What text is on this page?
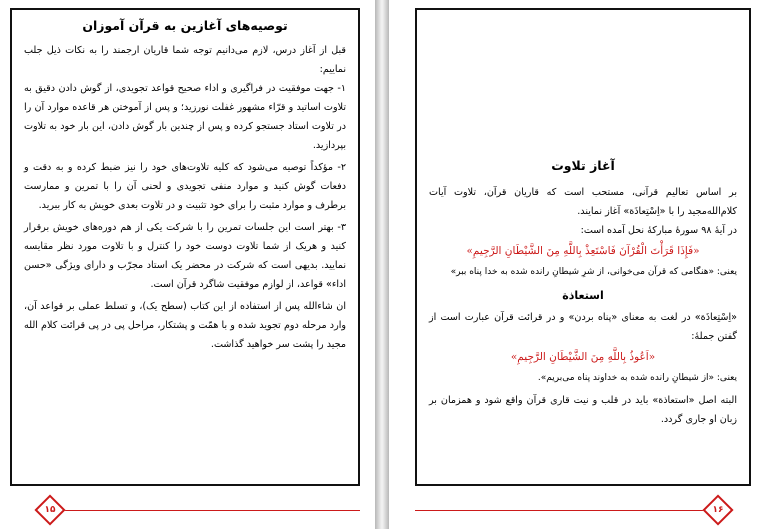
توصیه‌های آغازین به قرآن آموزان

قبل از آغاز درس، لازم می‌دانیم توجه شما قاریان ارجمند را به نکات ذیل جلب نماییم:

۱- جهت موفقیت در فراگیری و اداء صحیح قواعد تجویدی، از گوش دادن دقیق به تلاوت اساتید و قرّاء مشهور غفلت نورزید؛ و پس از آموختن هر قاعده موارد آن را در تلاوت استاد جستجو کرده و پس از چندین بار گوش دادن، این بار خود به تلاوت بپردازید.

۲- مؤکداً توصیه می‌شود که کلیه تلاوت‌های خود را نیز ضبط کرده و به دقت و دفعات گوش کنید و موارد منفی تجویدی و لحنی آن را با تمرین و ممارست برطرف و موارد مثبت را برای خود تثبیت و در تلاوت بعدی خویش به کار ببرید.

۳- بهتر است این جلسات تمرین را با شرکت یکی از هم دوره‌های خویش برقرار کنید و هریک از شما تلاوت دوست خود را کنترل و با تلاوت مورد نظر مقایسه نمایید. بدیهی است که شرکت در محضر یک استاد مجرّب و دارای ویژگی «حسن اداء» قواعد، از لوازم موفقیت شاگرد قرآن است.

ان شاءالله پس از استفاده از این کتاب (سطح یک)، و تسلط عملی بر قواعد آن، وارد مرحله دوم تجوید شده و با همّت و پشتکار، مراحل پی در پی قرائت کلام الله مجید را پشت سر خواهید گذاشت.

۱۵
آغاز تلاوت

بر اساس تعالیم قرآنی، مستحب است که قاریان قرآن، تلاوت آیات کلام‌الله‌مجید را با «اِسْتِعاذَة» آغاز نمایند.

در آیهٔ ۹۸ سورهٔ مبارکهٔ نحل آمده است:

«فَإِذَا قَرَأْتَ الْقُرْآنَ فَاسْتَعِذْ بِاللَّهِ مِنَ الشَّيْطَانِ الرَّجِيمِ»

یعنی: «هنگامی که قرآن می‌خوانی، از شرِ شیطانِ رانده شده به خدا پناه ببر»

استعاذة

«اِسْتِعاذَة» در لغت به معنای «پناه بردن» و در قرائت قرآن عبارت است از گفتن جملهٔ:

«اَعُوذُ بِاللَّهِ مِنَ الشَّيْطَانِ الرَّجِيمِ»

یعنی: «از شیطانِ رانده شده به خداوند پناه می‌بریم».

البته اصل «استعاذة» باید در قلب و نیت قاری قرآن واقع شود و همزمان بر زبان او جاری گردد.

۱۶
